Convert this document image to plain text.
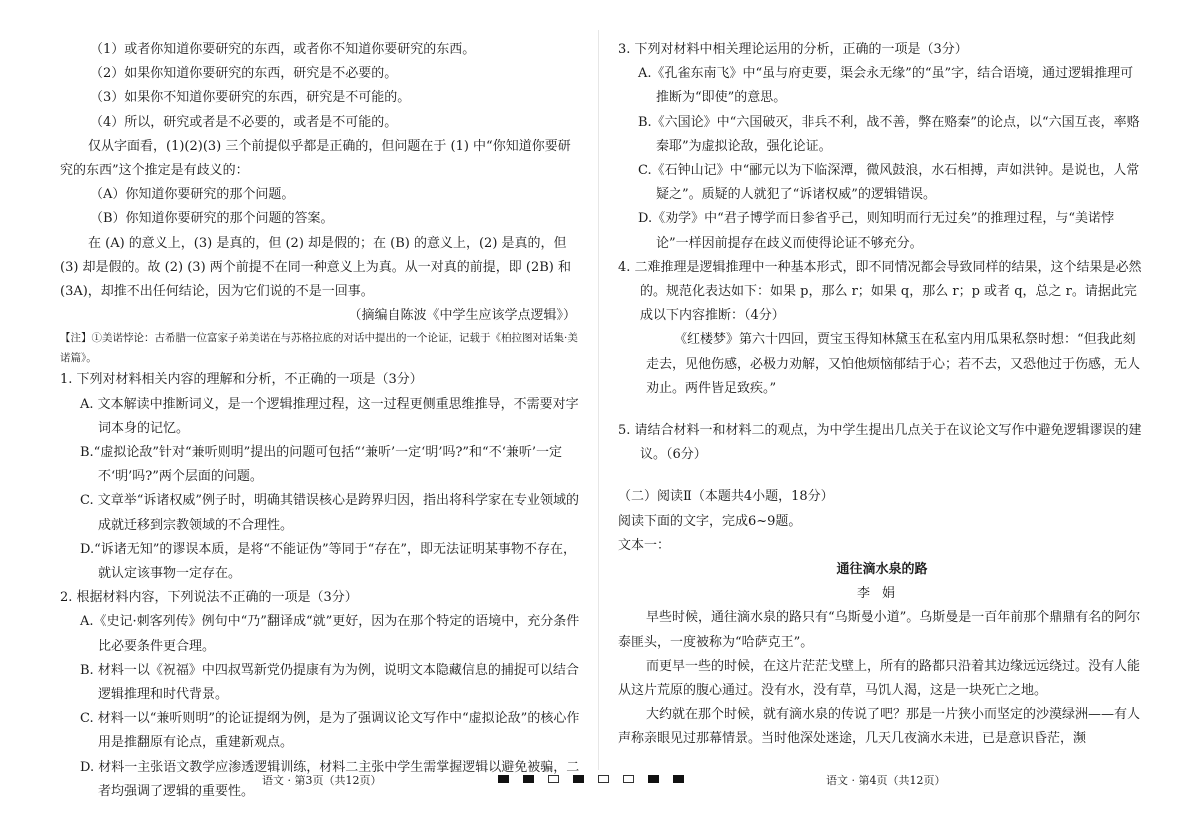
（1）或者你知道你要研究的东西，或者你不知道你要研究的东西。

（2）如果你知道你要研究的东西，研究是不必要的。

（3）如果你不知道你要研究的东西，研究是不可能的。

（4）所以，研究或者是不必要的，或者是不可能的。

仅从字面看，(1)(2)(3) 三个前提似乎都是正确的，但问题在于 (1) 中“你知道你要研究的东西”这个推定是有歧义的：

（A）你知道你要研究的那个问题。

（B）你知道你要研究的那个问题的答案。

在 (A) 的意义上，(3) 是真的，但 (2) 却是假的；在 (B) 的意义上，(2) 是真的，但 (3) 却是假的。故 (2) (3) 两个前提不在同一种意义上为真。从一对真的前提，即 (2B) 和 (3A)，却推不出任何结论，因为它们说的不是一回事。

（摘编自陈波《中学生应该学点逻辑》）

【注】①美诺悖论：古希腊一位富家子弟美诺在与苏格拉底的对话中提出的一个论证，记载于《柏拉图对话集·美诺篇》。

1. 下列对材料相关内容的理解和分析，不正确的一项是（3分）

A. 文本解读中推断词义，是一个逻辑推理过程，这一过程更侧重思维推导，不需要对字词本身的记忆。

B.“虚拟论敌”针对“兼听则明”提出的问题可包括“‘兼听’一定‘明’吗?”和“不‘兼听’一定不‘明’吗?”两个层面的问题。

C. 文章举“诉诸权威”例子时，明确其错误核心是跨界归因，指出将科学家在专业领域的成就迁移到宗教领域的不合理性。

D.“诉诸无知”的谬误本质，是将“不能证伪”等同于“存在”，即无法证明某事物不存在，就认定该事物一定存在。

2. 根据材料内容，下列说法不正确的一项是（3分）

A.《史记·刺客列传》例句中“乃”翻译成“就”更好，因为在那个特定的语境中，充分条件比必要条件更合理。

B. 材料一以《祝福》中四叔骂新党仍提康有为为例，说明文本隐藏信息的捕捉可以结合逻辑推理和时代背景。

C. 材料一以“兼听则明”的论证提纲为例，是为了强调议论文写作中“虚拟论敌”的核心作用是推翻原有论点，重建新观点。

D. 材料一主张语文教学应渗透逻辑训练，材料二主张中学生需掌握逻辑以避免被骗，二者均强调了逻辑的重要性。

3. 下列对材料中相关理论运用的分析，正确的一项是（3分）

A.《孔雀东南飞》中“虽与府吏要，渠会永无缘”的“虽”字，结合语境，通过逻辑推理可推断为“即使”的意思。

B.《六国论》中“六国破灭，非兵不利，战不善，弊在赂秦”的论点，以“六国互丧，率赂秦耶”为虚拟论敌，强化论证。

C.《石钟山记》中“郦元以为下临深潭，微风鼓浪，水石相搏，声如洪钟。是说也，人常疑之”。质疑的人就犯了“诉诸权威”的逻辑错误。

D.《劝学》中“君子博学而日参省乎己，则知明而行无过矣”的推理过程，与“美诺悖论”一样因前提存在歧义而使得论证不够充分。

4. 二难推理是逻辑推理中一种基本形式，即不同情况都会导致同样的结果，这个结果是必然的。规范化表达如下：如果 p，那么 r；如果 q，那么 r；p 或者 q，总之 r。请据此完成以下内容推断：（4分）

《红楼梦》第六十四回，贾宝玉得知林黛玉在私室内用瓜果私祭时想：“但我此刻走去，见他伤感，必极力劝解，又怕他烦恼郁结于心；若不去，又恐他过于伤感，无人劝止。两件皆足致疾。”

5. 请结合材料一和材料二的观点，为中学生提出几点关于在议论文写作中避免逻辑谬误的建议。（6分）

（二）阅读Ⅱ（本题共4小题，18分）

阅读下面的文字，完成6~9题。

文本一：

通往滴水泉的路

李娟

早些时候，通往滴水泉的路只有“乌斯曼小道”。乌斯曼是一百年前那个鼎鼎有名的阿尔泰匪头，一度被称为“哈萨克王”。

而更早一些的时候，在这片茫茫戈壁上，所有的路都只沿着其边缘远远绕过。没有人能从这片荒原的腹心通过。没有水，没有草，马饥人渴，这是一块死亡之地。

大约就在那个时候，就有滴水泉的传说了吧？那是一片狭小而坚定的沙漠绿洲——有人声称亲眼见过那幕情景。当时他深处迷途，几天几夜滴水未进，已是意识昏茫，濒

语文 · 第3页（共12页）	语文 · 第4页（共12页）
